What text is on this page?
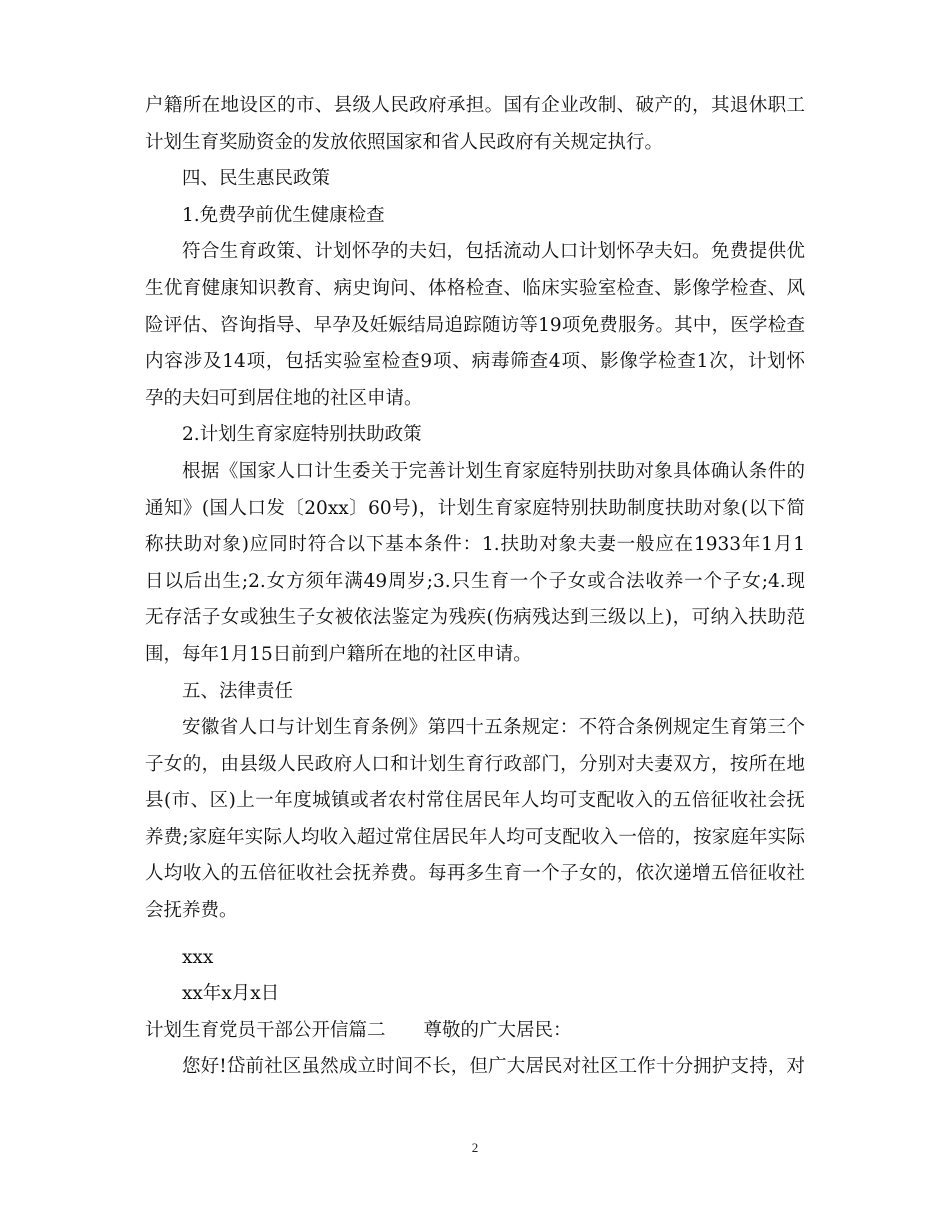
户籍所在地设区的市、县级人民政府承担。国有企业改制、破产的，其退休职工
计划生育奖励资金的发放依照国家和省人民政府有关规定执行。
四、民生惠民政策
1.免费孕前优生健康检查
符合生育政策、计划怀孕的夫妇，包括流动人口计划怀孕夫妇。免费提供优
生优育健康知识教育、病史询问、体格检查、临床实验室检查、影像学检查、风
险评估、咨询指导、早孕及妊娠结局追踪随访等19项免费服务。其中，医学检查
内容涉及14项，包括实验室检查9项、病毒筛查4项、影像学检查1次，计划怀
孕的夫妇可到居住地的社区申请。
2.计划生育家庭特别扶助政策
根据《国家人口计生委关于完善计划生育家庭特别扶助对象具体确认条件的
通知》(国人口发〔20xx〕60号)，计划生育家庭特别扶助制度扶助对象(以下简
称扶助对象)应同时符合以下基本条件：1.扶助对象夫妻一般应在1933年1月1
日以后出生;2.女方须年满49周岁;3.只生育一个子女或合法收养一个子女;4.现
无存活子女或独生子女被依法鉴定为残疾(伤病残达到三级以上)，可纳入扶助范
围，每年1月15日前到户籍所在地的社区申请。
五、法律责任
安徽省人口与计划生育条例》第四十五条规定：不符合条例规定生育第三个
子女的，由县级人民政府人口和计划生育行政部门，分别对夫妻双方，按所在地
县(市、区)上一年度城镇或者农村常住居民年人均可支配收入的五倍征收社会抚
养费;家庭年实际人均收入超过常住居民年人均可支配收入一倍的，按家庭年实际
人均收入的五倍征收社会抚养费。每再多生育一个子女的，依次递增五倍征收社
会抚养费。
xxx
xx年x月x日
计划生育党员干部公开信篇二 尊敬的广大居民：
您好!岱前社区虽然成立时间不长，但广大居民对社区工作十分拥护支持，对
2
